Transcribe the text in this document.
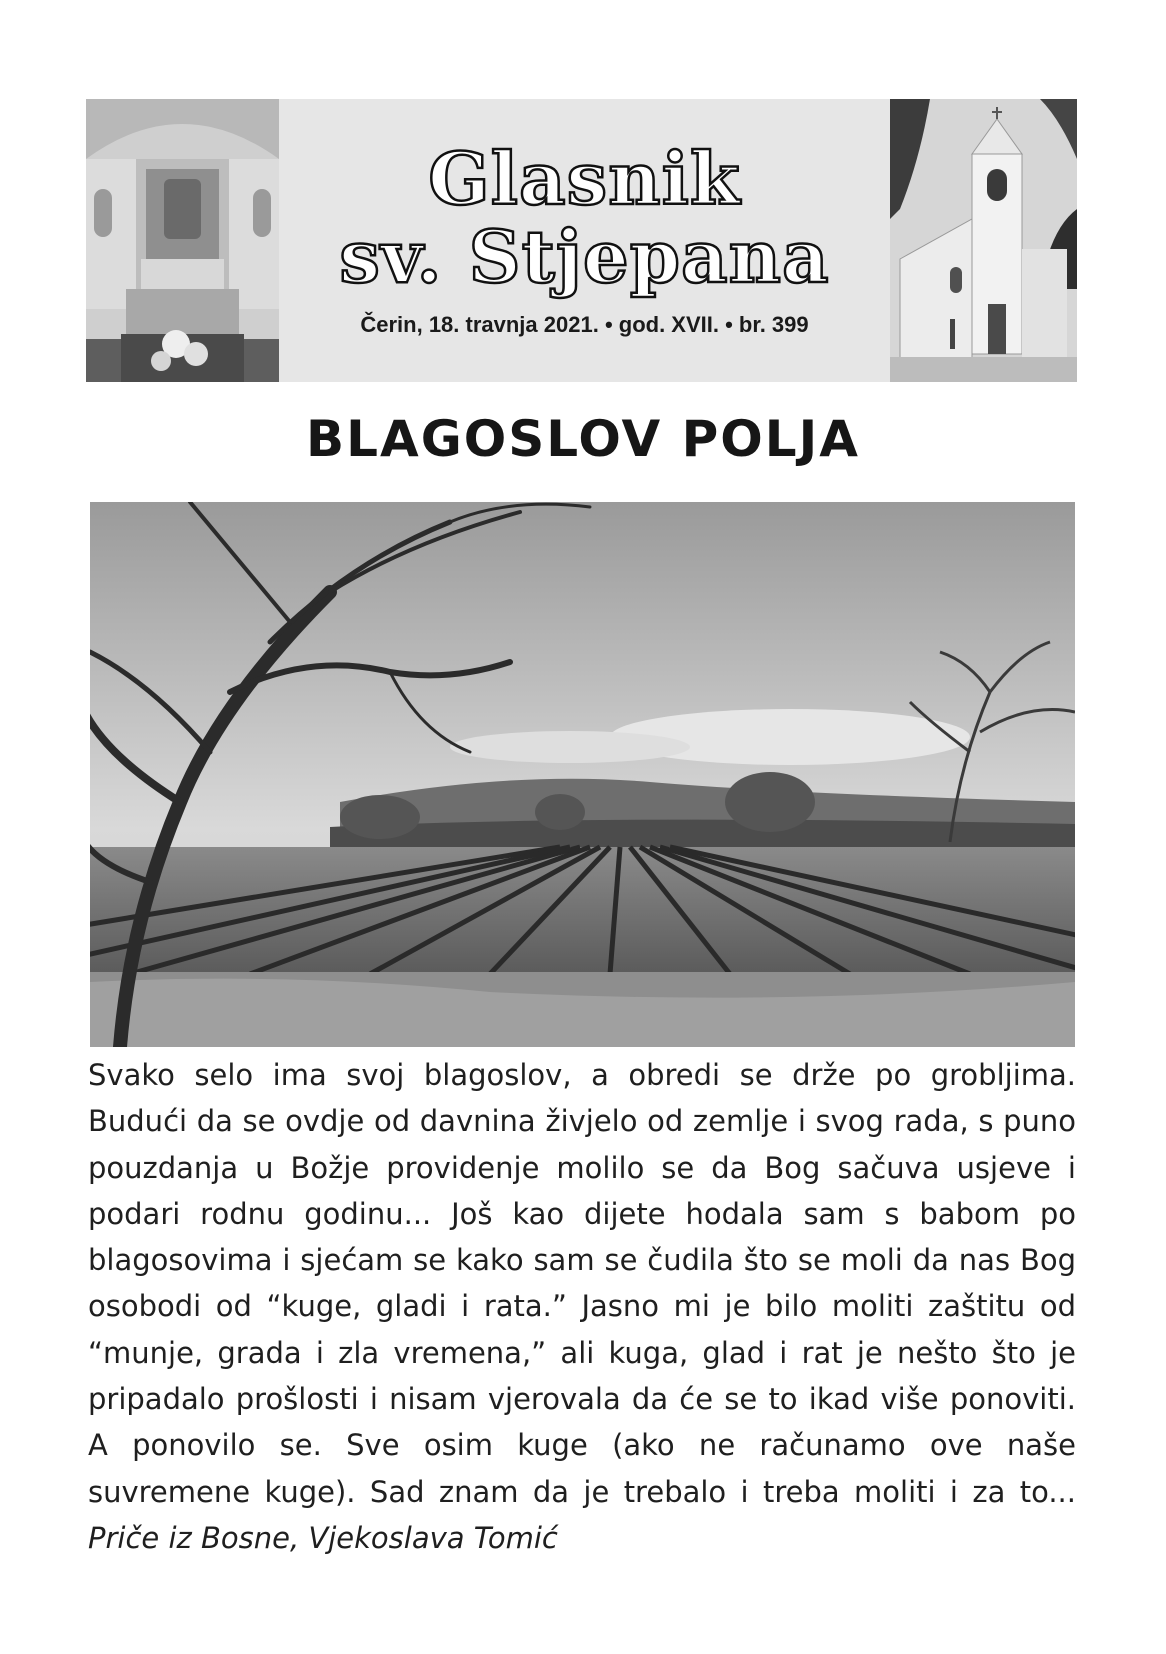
Glasnik
sv. Stjepana
Čerin, 18. travnja 2021. • god. XVII. • br. 399
BLAGOSLOV POLJA
Svako selo ima svoj blagoslov, a obredi se drže po grobljima. Budući da se ovdje od davnina živjelo od zemlje i svog rada, s puno pouzdanja u Božje providenje molilo se da Bog sačuva usjeve i podari rodnu godinu... Još kao dijete hodala sam s babom po blagosovima i sjećam se kako sam se čudila što se moli da nas Bog osobodi od “kuge, gladi i rata.” Jasno mi je bilo moliti zaštitu od “munje, grada i zla vremena,” ali kuga, glad i rat je nešto što je pripadalo prošlosti i nisam vjerovala da će se to ikad više ponoviti. A ponovilo se. Sve osim kuge (ako ne računamo ove naše suvremene kuge). Sad znam da je trebalo i treba moliti i za to... Priče iz Bosne, Vjekoslava Tomić
